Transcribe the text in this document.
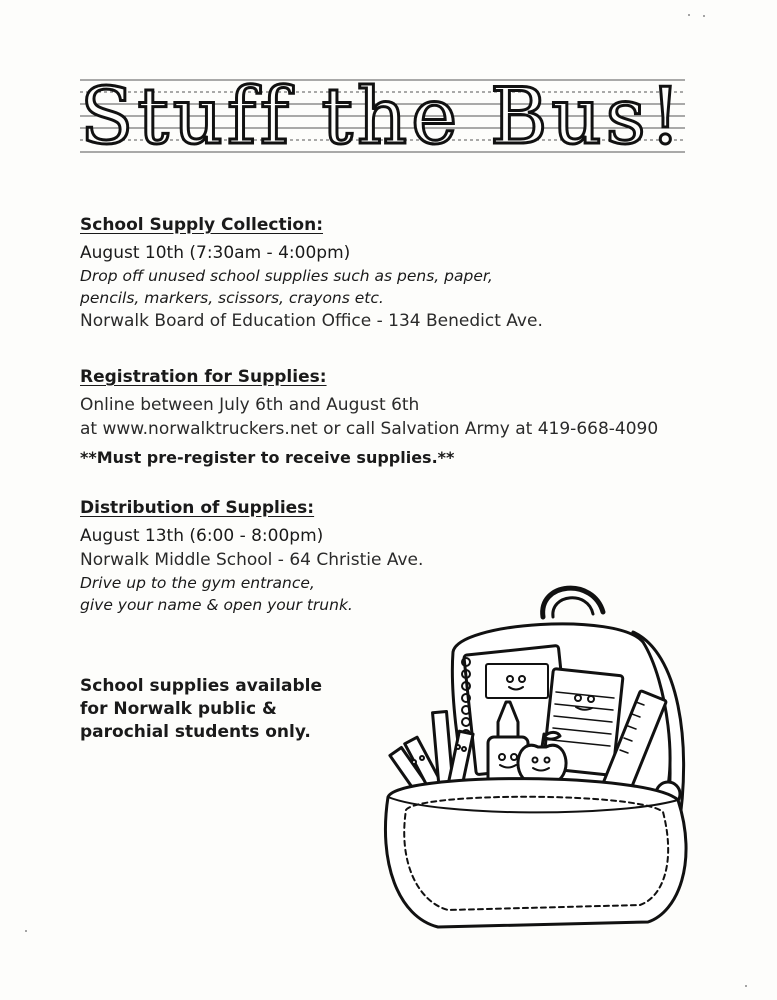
Stuff the Bus!

School Supply Collection:

August 10th (7:30am - 4:00pm)

Drop off unused school supplies such as pens, paper,

pencils, markers, scissors, crayons etc.

Norwalk Board of Education Office - 134 Benedict Ave.

Registration for Supplies:

Online between July 6th and August 6th

at www.norwalktruckers.net or call Salvation Army at 419-668-4090

**Must pre-register to receive supplies.**

Distribution of Supplies:

August 13th (6:00 - 8:00pm)

Norwalk Middle School - 64 Christie Ave.

Drive up to the gym entrance,

give your name & open your trunk.

School supplies available
for Norwalk public &
parochial students only.
